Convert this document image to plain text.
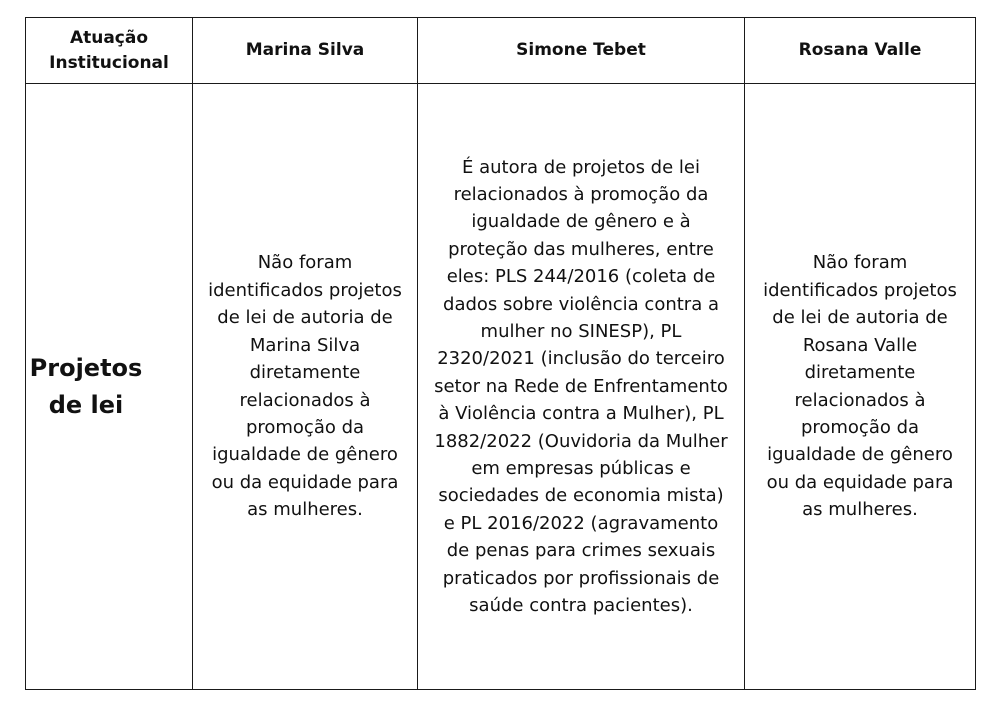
Atuação Institucional	Marina Silva	Simone Tebet	Rosana Valle

Projetos de lei	Não foram identificados projetos de lei de autoria de Marina Silva diretamente relacionados à promoção da igualdade de gênero ou da equidade para as mulheres.	É autora de projetos de lei relacionados à promoção da igualdade de gênero e à proteção das mulheres, entre eles: PLS 244/2016 (coleta de dados sobre violência contra a mulher no SINESP), PL 2320/2021 (inclusão do terceiro setor na Rede de Enfrentamento à Violência contra a Mulher), PL 1882/2022 (Ouvidoria da Mulher em empresas públicas e sociedades de economia mista) e PL 2016/2022 (agravamento de penas para crimes sexuais praticados por profissionais de saúde contra pacientes).	Não foram identificados projetos de lei de autoria de Rosana Valle diretamente relacionados à promoção da igualdade de gênero ou da equidade para as mulheres.
